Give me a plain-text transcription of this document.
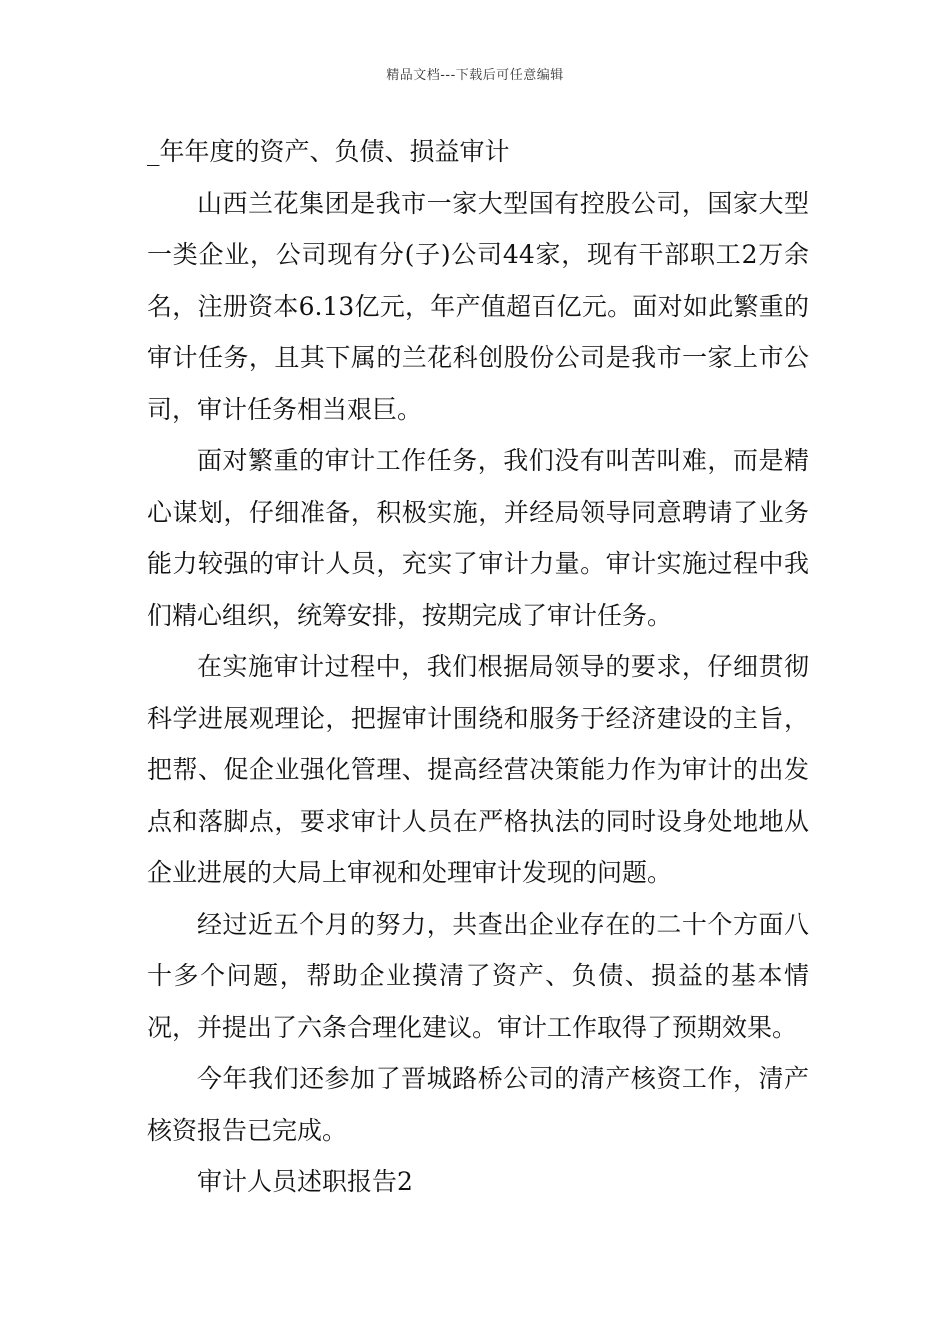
精品文档---下载后可任意编辑

_年年度的资产、负债、损益审计

山西兰花集团是我市一家大型国有控股公司，国家大型一类企业，公司现有分(子)公司44家，现有干部职工2万余名，注册资本6.13亿元，年产值超百亿元。面对如此繁重的审计任务，且其下属的兰花科创股份公司是我市一家上市公司，审计任务相当艰巨。

面对繁重的审计工作任务，我们没有叫苦叫难，而是精心谋划，仔细准备，积极实施，并经局领导同意聘请了业务能力较强的审计人员，充实了审计力量。审计实施过程中我们精心组织，统筹安排，按期完成了审计任务。

在实施审计过程中，我们根据局领导的要求，仔细贯彻科学进展观理论，把握审计围绕和服务于经济建设的主旨，把帮、促企业强化管理、提高经营决策能力作为审计的出发点和落脚点，要求审计人员在严格执法的同时设身处地地从企业进展的大局上审视和处理审计发现的问题。

经过近五个月的努力，共查出企业存在的二十个方面八十多个问题，帮助企业摸清了资产、负债、损益的基本情况，并提出了六条合理化建议。审计工作取得了预期效果。

今年我们还参加了晋城路桥公司的清产核资工作，清产核资报告已完成。

审计人员述职报告2
